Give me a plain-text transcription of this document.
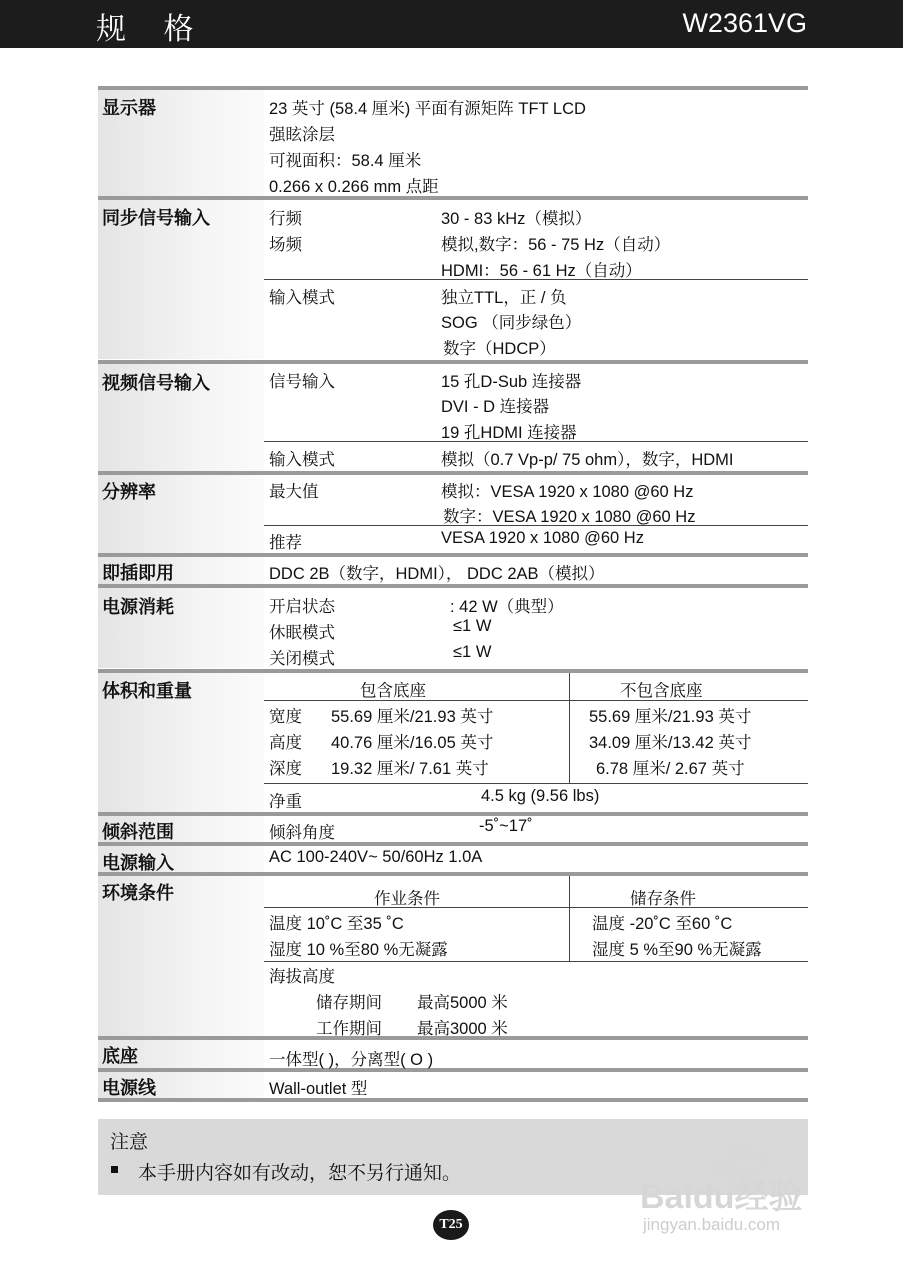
规 格	W2361VG
显示器	23 英寸 (58.4 厘米) 平面有源矩阵 TFT LCD
强眩涂层
可视面积：58.4 厘米
0.266 x 0.266 mm 点距
同步信号输入	行频	30 - 83 kHz（模拟）
场频	模拟,数字：56 - 75 Hz（自动）
HDMI：56 - 61 Hz（自动）
输入模式	独立TTL，正 / 负
SOG （同步绿色）
数字（HDCP）
视频信号输入	信号输入	15 孔D-Sub 连接器
DVI - D 连接器
19 孔HDMI 连接器
输入模式	模拟（0.7 Vp-p/ 75 ohm），数字，HDMI
分辨率	最大值	模拟：VESA 1920 x 1080 @60 Hz
数字：VESA 1920 x 1080 @60 Hz
推荐	VESA 1920 x 1080 @60 Hz
即插即用	DDC 2B（数字，HDMI）， DDC 2AB（模拟）
电源消耗	开启状态	: 42 W（典型）
休眠模式	≤1 W
关闭模式	≤1 W
体积和重量	包含底座	不包含底座
宽度 55.69 厘米/21.93 英寸	55.69 厘米/21.93 英寸
高度 40.76 厘米/16.05 英寸	34.09 厘米/13.42 英寸
深度 19.32 厘米/ 7.61 英寸	6.78 厘米/ 2.67 英寸
净重	4.5 kg (9.56 lbs)
倾斜范围	倾斜角度	-5˚~17˚
电源输入	AC 100-240V~ 50/60Hz 1.0A
环境条件	作业条件	储存条件
温度 10˚C 至35 ˚C	温度 -20˚C 至60 ˚C
湿度 10 %至80 %无凝露	湿度 5 %至90 %无凝露
海拔高度
储存期间 最高5000 米
工作期间 最高3000 米
底座	一体型( )，分离型( O )
电源线	Wall-outlet 型
注意
本手册内容如有改动，恕不另行通知。
T25
Baidu经验
jingyan.baidu.com
